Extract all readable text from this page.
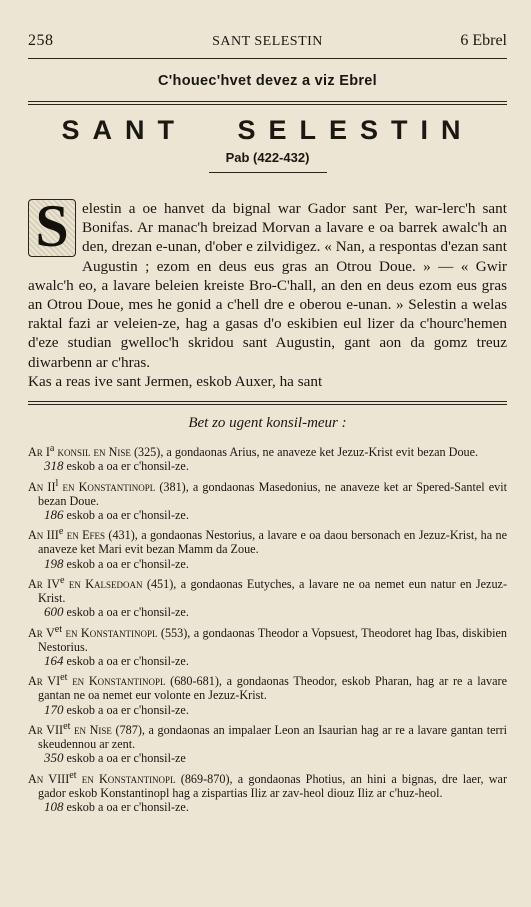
258	SANT SELESTIN	6 Ebrel
C'houec'hvet devez a viz Ebrel
SANT SELESTIN
Pab (422-432)
S elestin a oe hanvet da bignal war Gador sant Per, war-lerc'h sant Bonifas. Ar manac'h breizad Morvan a lavare e oa barrek awalc'h an den, drezan e-unan, d'ober e zilvidigez. « Nan, a respontas d'ezan sant Augustin ; ezom en deus eus gras an Otrou Doue. » — « Gwir awalc'h eo, a lavare beleien kreiste Bro-C'hall, an den en deus ezom eus gras an Otrou Doue, mes he gonid a c'hell dre e oberou e-unan. » Selestin a welas raktal fazi ar veleien-ze, hag a gasas d'o eskibien eul lizer da c'hourc'hemen d'eze studian gwelloc'h skridou sant Augustin, gant aon da gomz treuz diwarbenn ar c'hras.

Kas a reas ive sant Jermen, eskob Auxer, ha sant

Bet zo ugent konsil-meur :
Ar $I^a$ konsil en Nise (325), a gondaonas Arius, ne anaveze ket Jezuz-Krist evit bezan Doue.
318 eskob a oa er c'honsil-ze.
An $II^l$ en Konstantinopl (381), a gondaonas Masedonius, ne anaveze ket ar Spered-Santel evit bezan Doue.
186 eskob a oa er c'honsil-ze.
An IIIe en Efes (431), a gondaonas Nestorius, a lavare e oa daou bersonach en Jezuz-Krist, ha ne anaveze ket Mari evit bezan Mamm da Zoue.
198 eskob a oa er c'honsil-ze.
Ar IVe en Kalsedoan (451), a gondaonas Eutyches, a lavare ne oa nemet eun natur en Jezuz-Krist.
600 eskob a oa er c'honsil-ze.
Ar $V^{et}$ en Konstantinopl (553), a gondaonas Theodor a Vopsuest, Theodoret hag Ibas, diskibien Nestorius.
164 eskob a oa er c'honsil-ze.
Ar $VI^{et}$ en Konstantinopl (680-681), a gondaonas Theodor, eskob Pharan, hag ar re a lavare gantan ne oa nemet eur volonte en Jezuz-Krist.
170 eskob a oa er c'honsil-ze.
Ar $VII^{et}$ en Nise (787), a gondaonas an impalaer Leon an Isaurian hag ar re a lavare gantan terri skeudennou ar zent.
350 eskob a oa er c'honsil-ze
An $VIII^{et}$ en Konstantinopl (869-870), a gondaonas Photius, an hini a bignas, dre laer, war gador eskob Konstantinopl hag a zispartias Iliz ar zav-heol diouz Iliz ar c'huz-heol.
108 eskob a oa er c'honsil-ze.
